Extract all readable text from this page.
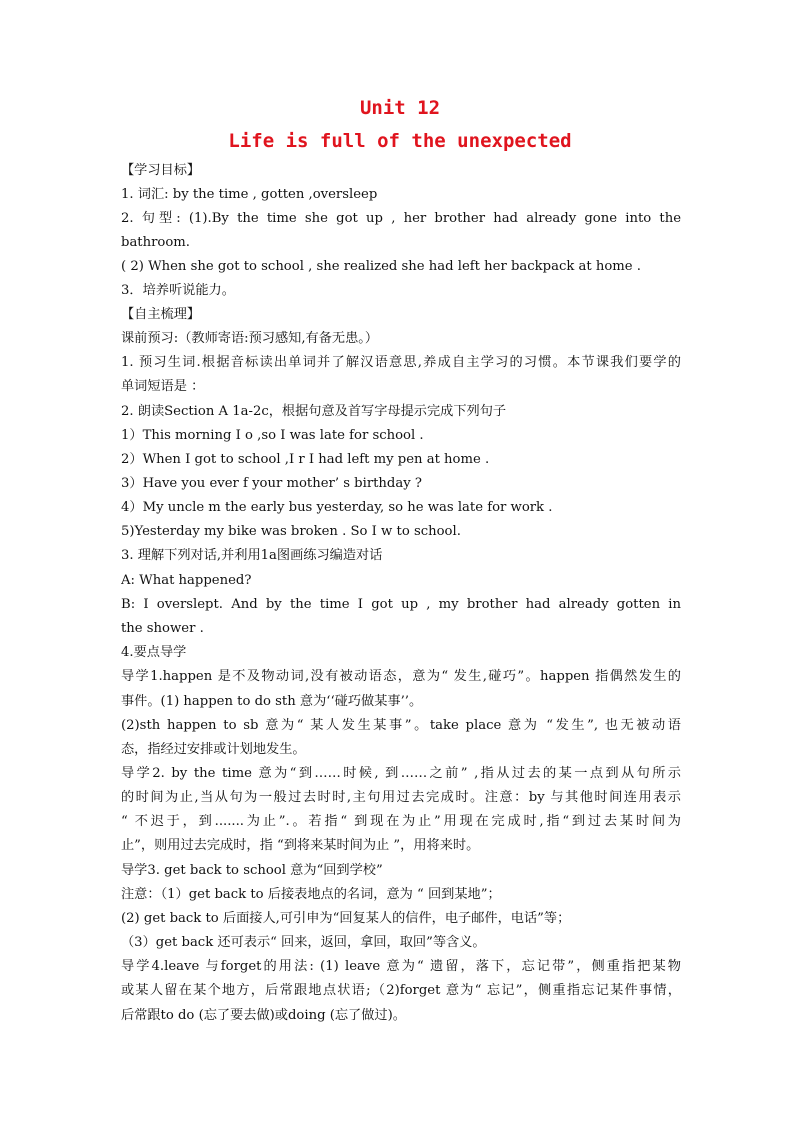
Unit 12
Life is full of the unexpected
【学习目标】
1. 词汇: by the time , gotten ,oversleep
2. 句型: (1).By the time she got up , her brother had already gone into the
bathroom.
( 2) When she got to school , she realized she had left her backpack at home .
3．培养听说能力。
【自主梳理】
课前预习:（教师寄语:预习感知,有备无患。）
1. 预习生词.根据音标读出单词并了解汉语意思,养成自主学习的习惯。本节课我们要学的
单词短语是 ：
2. 朗读Section A 1a-2c，根据句意及首写字母提示完成下列句子
1）This morning I o ,so I was late for school .
2）When I got to school ,I r I had left my pen at home .
3）Have you ever f your mother’ s birthday ?
4）My uncle m the early bus yesterday, so he was late for work .
5)Yesterday my bike was broken . So I w to school.
3. 理解下列对话,并利用1a图画练习编造对话
A: What happened?
B: I overslept. And by the time I got up , my brother had already gotten in
the shower .
4.要点导学
导学1.happen 是不及物动词,没有被动语态，意为“ 发生,碰巧”。happen 指偶然发生的
事件。(1) happen to do sth 意为‘‘碰巧做某事’’。
(2)sth happen to sb 意为“ 某人发生某事”。take place 意为 “发生”, 也无被动语
态，指经过安排或计划地发生。
导学2. by the time 意为“到……时候, 到……之前” ,指从过去的某一点到从句所示
的时间为止,当从句为一般过去时时,主句用过去完成时。注意：by 与其他时间连用表示
“ 不迟于，到.......为止”.。若指“ 到现在为止”用现在完成时,指“到过去某时间为
止”，则用过去完成时，指 “到将来某时间为止 ”，用将来时。
导学3. get back to school 意为“回到学校”
注意：（1）get back to 后接表地点的名词，意为 “ 回到某地”；
(2) get back to 后面接人,可引申为“回复某人的信件，电子邮件，电话”等；
（3）get back 还可表示“ 回来，返回，拿回，取回”等含义。
导学4.leave 与forget的用法: (1) leave 意为“ 遗留，落下，忘记带”，侧重指把某物
或某人留在某个地方，后常跟地点状语;（2)forget 意为“ 忘记”，侧重指忘记某件事情，
后常跟to do (忘了要去做)或doing (忘了做过)。
